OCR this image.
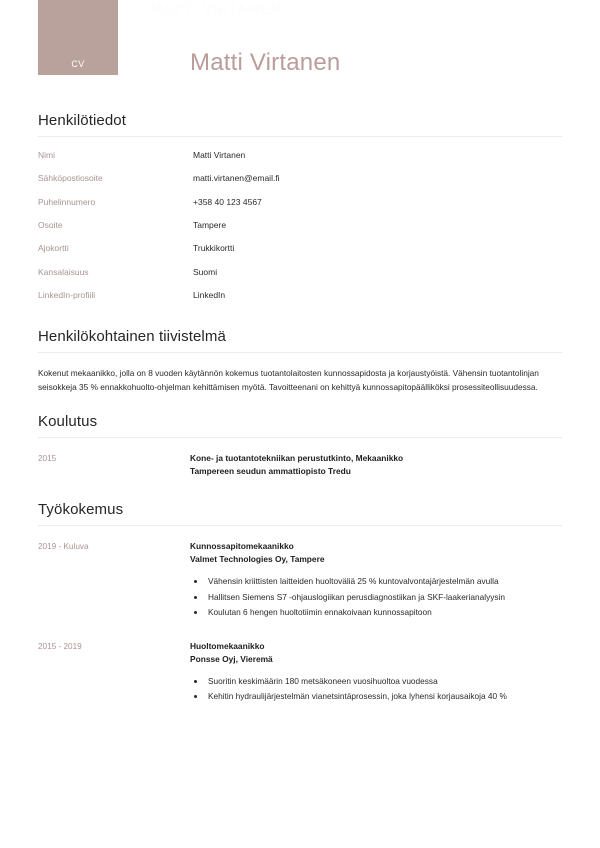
CV
MATTI VIRTANEN
Matti Virtanen
Henkilötiedot
Nimi	Matti Virtanen
Sähköpostiosoite	matti.virtanen@email.fi
Puhelinnumero	+358 40 123 4567
Osoite	Tampere
Ajokortti	Trukkikortti
Kansalaisuus	Suomi
LinkedIn-profiili	LinkedIn
Henkilökohtainen tiivistelmä

Kokenut mekaanikko, jolla on 8 vuoden käytännön kokemus tuotantolaitosten kunnossapidosta ja korjaustyöistä. Vähensin tuotantolinjan seisokkeja 35 % ennakkohuolto-ohjelman kehittämisen myötä. Tavoitteenani on kehittyä kunnossapitopäälliköksi prosessiteollisuudessa.

Koulutus
2015	Kone- ja tuotantotekniikan perustutkinto, Mekaanikko
Tampereen seudun ammattiopisto Tredu
Työkokemus
2019 - Kuluva	Kunnossapitomekaanikko
Valmet Technologies Oy, Tampere
• Vähensin kriittisten laitteiden huoltoväliä 25 % kuntovalvontajärjestelmän avulla
• Hallitsen Siemens S7 -ohjauslogiikan perusdiagnostiikan ja SKF-laakerianalyysin
• Koulutan 6 hengen huoltotiimin ennakoivaan kunnossapitoon
2015 - 2019	Huoltomekaanikko
Ponsse Oyj, Vieremä
• Suoritin keskimäärin 180 metsäkoneen vuosihuoltoa vuodessa
• Kehitin hydraulijärjestelmän vianetsintäprosessin, joka lyhensi korjausaikoja 40 %
